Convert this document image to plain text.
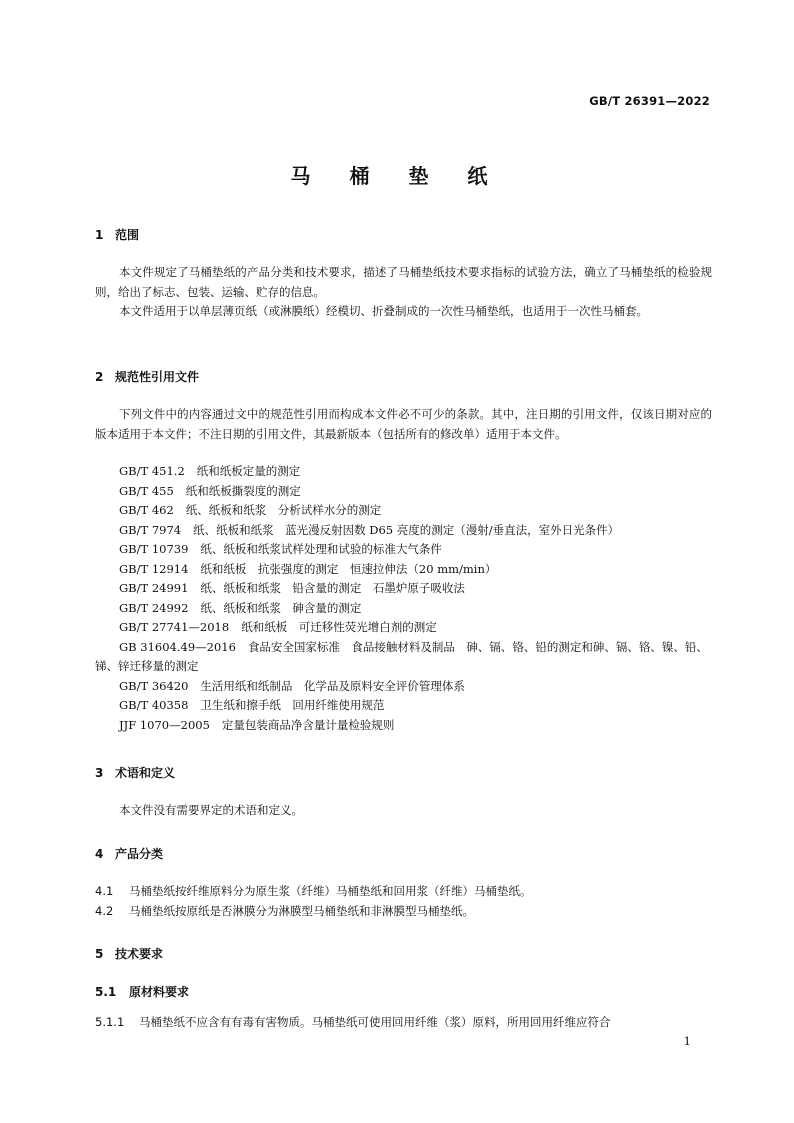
GB/T 26391—2022
马 桶 垫 纸
1 范围
本文件规定了马桶垫纸的产品分类和技术要求，描述了马桶垫纸技术要求指标的试验方法，确立了马桶垫纸的检验规则，给出了标志、包装、运输、贮存的信息。
本文件适用于以单层薄页纸（或淋膜纸）经模切、折叠制成的一次性马桶垫纸，也适用于一次性马桶套。
2 规范性引用文件
下列文件中的内容通过文中的规范性引用而构成本文件必不可少的条款。其中，注日期的引用文件，仅该日期对应的版本适用于本文件；不注日期的引用文件，其最新版本（包括所有的修改单）适用于本文件。
GB/T 451.2 纸和纸板定量的测定
GB/T 455 纸和纸板撕裂度的测定
GB/T 462 纸、纸板和纸浆　分析试样水分的测定
GB/T 7974 纸、纸板和纸浆　蓝光漫反射因数 D65 亮度的测定（漫射/垂直法，室外日光条件）
GB/T 10739 纸、纸板和纸浆试样处理和试验的标准大气条件
GB/T 12914 纸和纸板　抗张强度的测定　恒速拉伸法（20 mm/min）
GB/T 24991 纸、纸板和纸浆　铅含量的测定　石墨炉原子吸收法
GB/T 24992 纸、纸板和纸浆　砷含量的测定
GB/T 27741—2018 纸和纸板　可迁移性荧光增白剂的测定
GB 31604.49—2016 食品安全国家标准　食品接触材料及制品　砷、镉、铬、铅的测定和砷、镉、铬、镍、铅、锑、锌迁移量的测定
GB/T 36420 生活用纸和纸制品　化学品及原料安全评价管理体系
GB/T 40358 卫生纸和擦手纸　回用纤维使用规范
JJF 1070—2005 定量包装商品净含量计量检验规则
3 术语和定义
本文件没有需要界定的术语和定义。
4 产品分类
4.1 马桶垫纸按纤维原料分为原生浆（纤维）马桶垫纸和回用浆（纤维）马桶垫纸。
4.2 马桶垫纸按原纸是否淋膜分为淋膜型马桶垫纸和非淋膜型马桶垫纸。
5 技术要求
5.1 原材料要求
5.1.1 马桶垫纸不应含有有毒有害物质。马桶垫纸可使用回用纤维（浆）原料，所用回用纤维应符合
1
